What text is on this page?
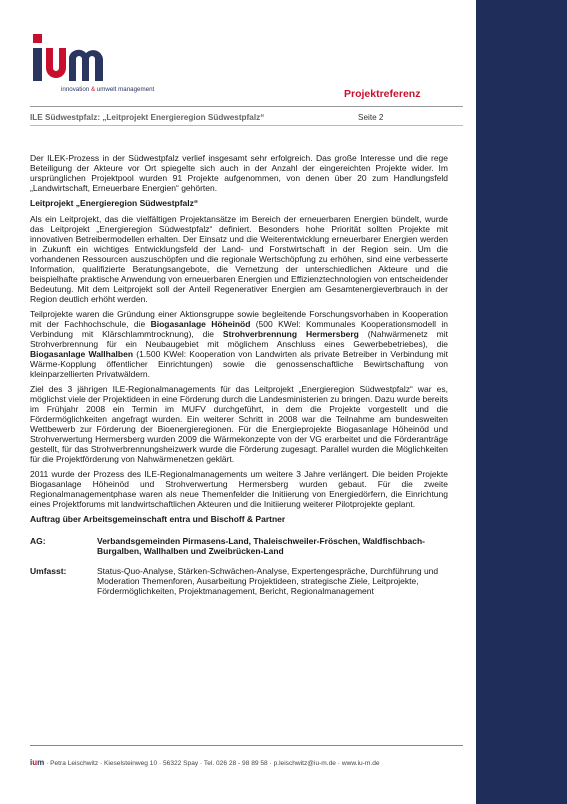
innovation & umwelt management	Projektreferenz
ILE Südwestpfalz: „Leitprojekt Energieregion Südwestpfalz“	Seite 2

Der ILEK-Prozess in der Südwestpfalz verlief insgesamt sehr erfolgreich. Das große Interesse und die rege Beteiligung der Akteure vor Ort spiegelte sich auch in der Anzahl der eingereichten Projekte wider. Im ursprünglichen Projektpool wurden 91 Projekte aufgenommen, von denen über 20 zum Handlungsfeld „Landwirtschaft, Erneuerbare Energien“ gehörten.

Leitprojekt „Energieregion Südwestpfalz“

Als ein Leitprojekt, das die vielfältigen Projektansätze im Bereich der erneuerbaren Energien bündelt, wurde das Leitprojekt „Energieregion Südwestpfalz“ definiert. Besonders hohe Priorität sollten Projekte mit innovativen Betreibermodellen erhalten. Der Einsatz und die Weiterentwicklung erneuerbarer Energien werden in Zukunft ein wichtiges Entwicklungsfeld der Land- und Forstwirtschaft in der Region sein. Um die vorhandenen Ressourcen auszuschöpfen und die regionale Wertschöpfung zu erhöhen, sind eine verbesserte Information, qualifizierte Beratungsangebote, die Vernetzung der unterschiedlichen Akteure und die beispielhafte praktische Anwendung von erneuerbaren Energien und Effizienztechnologien von entscheidender Bedeutung. Mit dem Leitprojekt soll der Anteil Regenerativer Energien am Gesamtenergieverbrauch in der Region deutlich erhöht werden.

Teilprojekte waren die Gründung einer Aktionsgruppe sowie begleitende Forschungsvorhaben in Kooperation mit der Fachhochschule, die Biogasanlage Höheinöd (500 KWel: Kommunales Kooperationsmodell in Verbindung mit Klärschlammtrocknung), die Strohverbrennung Hermersberg (Nahwärmenetz mit Strohverbrennung für ein Neubaugebiet mit möglichem Anschluss eines Gewerbebetriebes), die Biogasanlage Wallhalben (1.500 KWel: Kooperation von Landwirten als private Betreiber in Verbindung mit Wärme-Kopplung öffentlicher Einrichtungen) sowie die genossenschaftliche Bewirtschaftung von kleinparzellierten Privatwäldern.

Ziel des 3 jährigen ILE-Regionalmanagements für das Leitprojekt „Energieregion Südwestpfalz“ war es, möglichst viele der Projektideen in eine Förderung durch die Landesministerien zu bringen. Dazu wurde bereits im Frühjahr 2008 ein Termin im MUFV durchgeführt, in dem die Projekte vorgestellt und die Fördermöglichkeiten angefragt wurden. Ein weiterer Schritt in 2008 war die Teilnahme am bundesweiten Wettbewerb zur Förderung der Bioenergieregionen. Für die Energieprojekte Biogasanlage Höheinöd und Strohverwertung Hermersberg wurden 2009 die Wärmekonzepte von der VG erarbeitet und die Förderanträge gestellt, für das Strohverbrennungsheizwerk wurde die Förderung zugesagt. Parallel wurden die Möglichkeiten für die Projektförderung von Nahwärmenetzen geklärt.

2011 wurde der Prozess des ILE-Regionalmanagements um weitere 3 Jahre verlängert. Die beiden Projekte Biogasanlage Höheinöd und Strohverwertung Hermersberg wurden gebaut. Für die zweite Regionalmanagementphase waren als neue Themenfelder die Initiierung von Energiedörfern, die Einrichtung eines Projektforums mit landwirtschaftlichen Akteuren und die Initiierung weiterer Pilotprojekte geplant.

Auftrag über Arbeitsgemeinschaft entra und Bischoff & Partner
AG:	Verbandsgemeinden Pirmasens-Land, Thaleischweiler-Fröschen, Waldfischbach-Burgalben, Wallhalben und Zweibrücken-Land
Umfasst:	Status-Quo-Analyse, Stärken-Schwächen-Analyse, Expertengespräche, Durchführung und Moderation Themenforen, Ausarbeitung Projektideen, strategische Ziele, Leitprojekte, Fördermöglichkeiten, Projektmanagement, Bericht, Regionalmanagement
ium · Petra Leischwitz · Kieselsteinweg 10 · 56322 Spay · Tel. 026 28 - 98 89 58 · p.leischwitz@iu-m.de · www.iu-m.de
